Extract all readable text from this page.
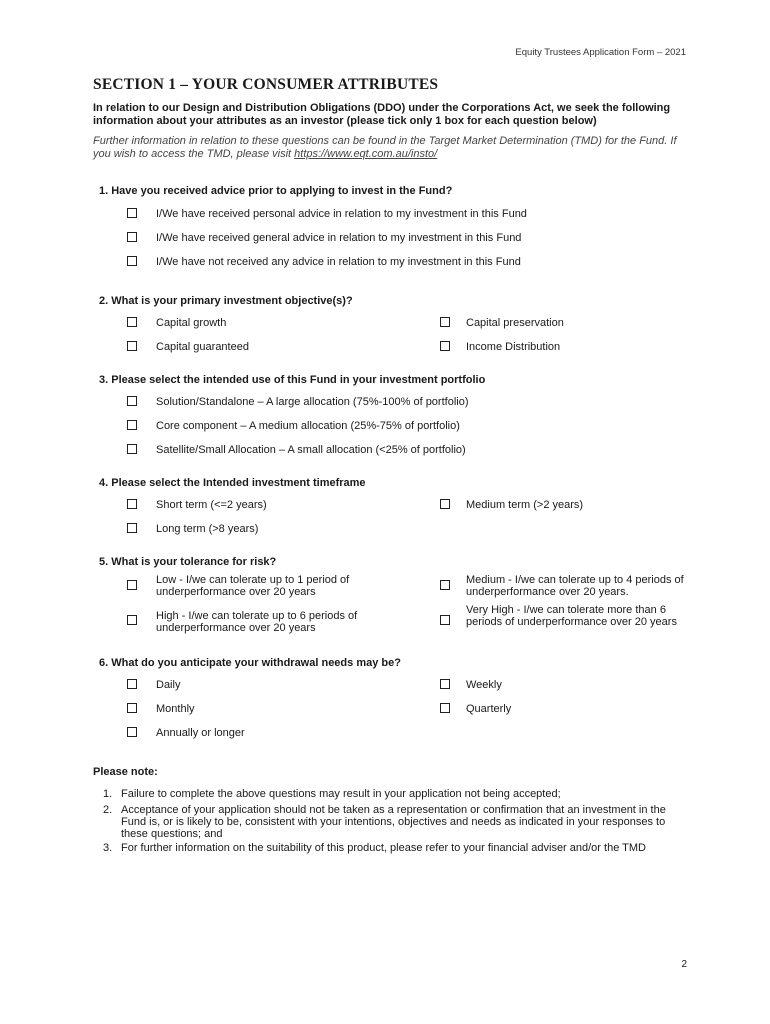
Equity Trustees Application Form – 2021
SECTION 1 – YOUR CONSUMER ATTRIBUTES
In relation to our Design and Distribution Obligations (DDO) under the Corporations Act, we seek the following information about your attributes as an investor (please tick only 1 box for each question below)
Further information in relation to these questions can be found in the Target Market Determination (TMD) for the Fund. If you wish to access the TMD, please visit https://www.eqt.com.au/insto/
1. Have you received advice prior to applying to invest in the Fund?
I/We have received personal advice in relation to my investment in this Fund
I/We have received general advice in relation to my investment in this Fund
I/We have not received any advice in relation to my investment in this Fund
2. What is your primary investment objective(s)?
Capital growth	Capital preservation
Capital guaranteed	Income Distribution
3. Please select the intended use of this Fund in your investment portfolio
Solution/Standalone – A large allocation (75%-100% of portfolio)
Core component – A medium allocation (25%-75% of portfolio)
Satellite/Small Allocation – A small allocation (<25% of portfolio)
4. Please select the Intended investment timeframe
Short term (<=2 years)	Medium term (>2 years)
Long term (>8 years)
5. What is your tolerance for risk?
Low - I/we can tolerate up to 1 period of underperformance over 20 years
Medium - I/we can tolerate up to 4 periods of underperformance over 20 years.
High - I/we can tolerate up to 6 periods of underperformance over 20 years
Very High - I/we can tolerate more than 6 periods of underperformance over 20 years
6. What do you anticipate your withdrawal needs may be?
Daily	Weekly
Monthly	Quarterly
Annually or longer
Please note:
1. Failure to complete the above questions may result in your application not being accepted;
2. Acceptance of your application should not be taken as a representation or confirmation that an investment in the Fund is, or is likely to be, consistent with your intentions, objectives and needs as indicated in your responses to these questions; and
3. For further information on the suitability of this product, please refer to your financial adviser and/or the TMD
2
